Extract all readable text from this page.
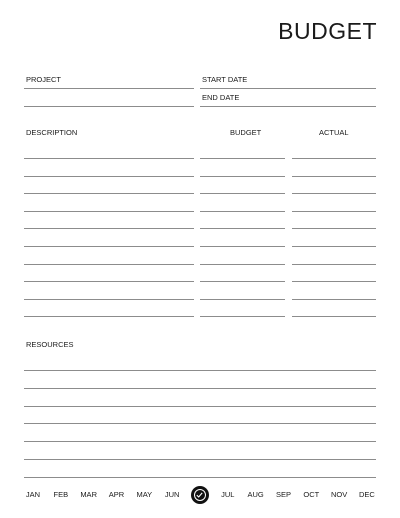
BUDGET
PROJECT	START DATE
END DATE
DESCRIPTION	BUDGET	ACTUAL
RESOURCES
JAN	FEB	MAR	APR	MAY	JUN	JUL	AUG	SEP	OCT	NOV	DEC
